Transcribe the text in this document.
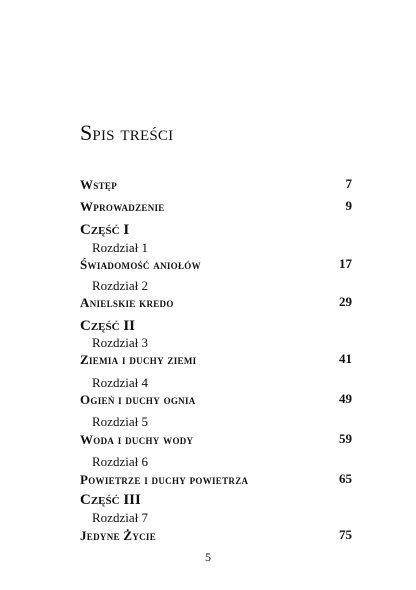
Spis treści
Wstęp	7
Wprowadzenie	9
Część I
Rozdział 1
Świadomość aniołów	17
Rozdział 2
Anielskie kredo	29
Część II
Rozdział 3
Ziemia i duchy ziemi	41
Rozdział 4
Ogień i duchy ognia	49
Rozdział 5
Woda i duchy wody	59
Rozdział 6
Powietrze i duchy powietrza	65
Część III
Rozdział 7
Jedyne Życie	75
5
